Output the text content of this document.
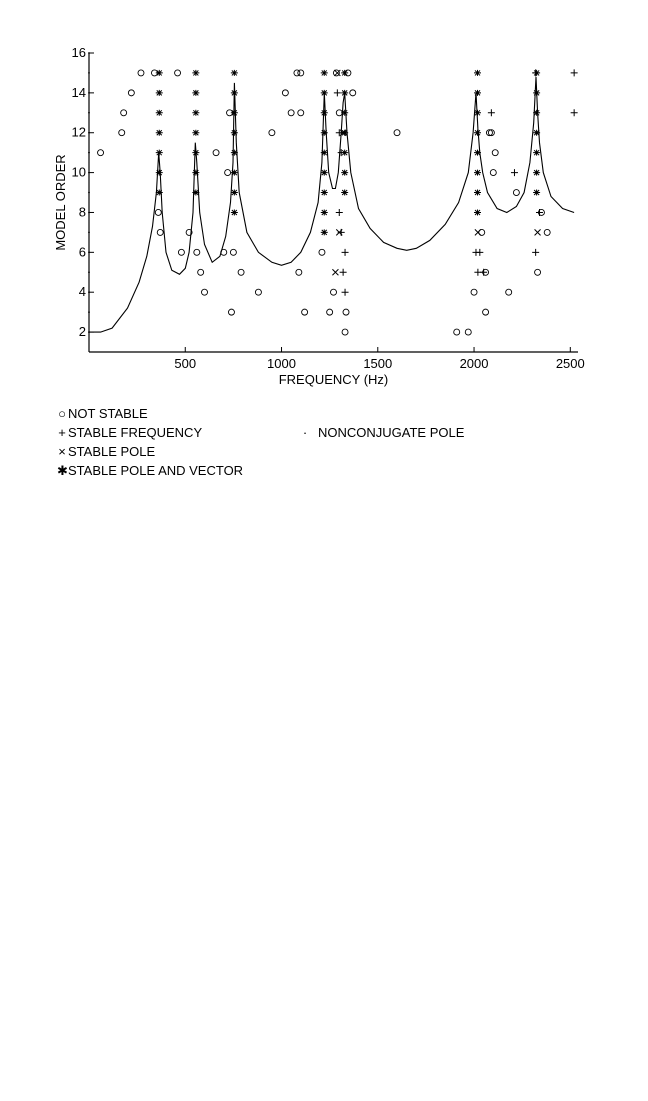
2
4
6
8
10
12
14
16
500	1000	1500	2000	2500
FREQUENCY (Hz)
MODEL ORDER
○ NOT STABLE
+ STABLE FREQUENCY
× STABLE POLE
✱STABLE POLE AND VECTOR
· NONCONJUGATE POLE
